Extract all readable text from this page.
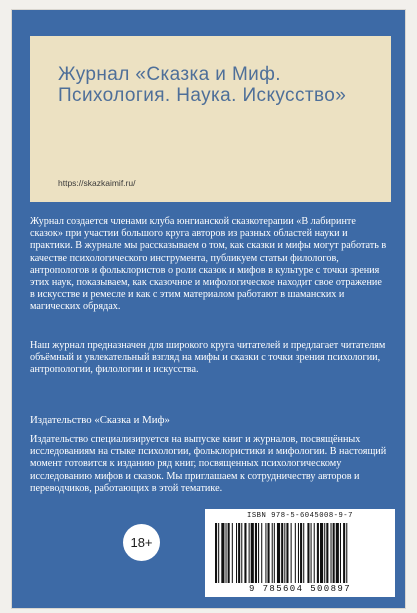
Журнал «Сказка и Миф. Психология. Наука. Искусство»
https://skazkaimif.ru/

Журнал создается членами клуба юнгианской сказкотерапии «В лабиринте сказок» при участии большого круга авторов из разных областей науки и практики. В журнале мы рассказываем о том, как сказки и мифы могут работать в качестве психологического инструмента, публикуем статьи филологов, антропологов и фольклористов о роли сказок и мифов в культуре с точки зрения этих наук, показываем, как сказочное и мифологическое находит свое отражение в искусстве и ремесле и как с этим материалом работают в шаманских и магических обрядах.

Наш журнал предназначен для широкого круга читателей и предлагает читателям объёмный и увлекательный взгляд на мифы и сказки с точки зрения психологии, антропологии, филологии и искусства.

Издательство «Сказка и Миф»

Издательство специализируется на выпуске книг и журналов, посвящённых исследованиям на стыке психологии, фольклористики и мифологии. В настоящий момент готовится к изданию ряд книг, посвященных психологическому исследованию мифов и сказок. Мы приглашаем к сотрудничеству авторов и переводчиков, работающих в этой тематике.

18+
ISBN 978-5-6045008-9-7
9 785604 500897
